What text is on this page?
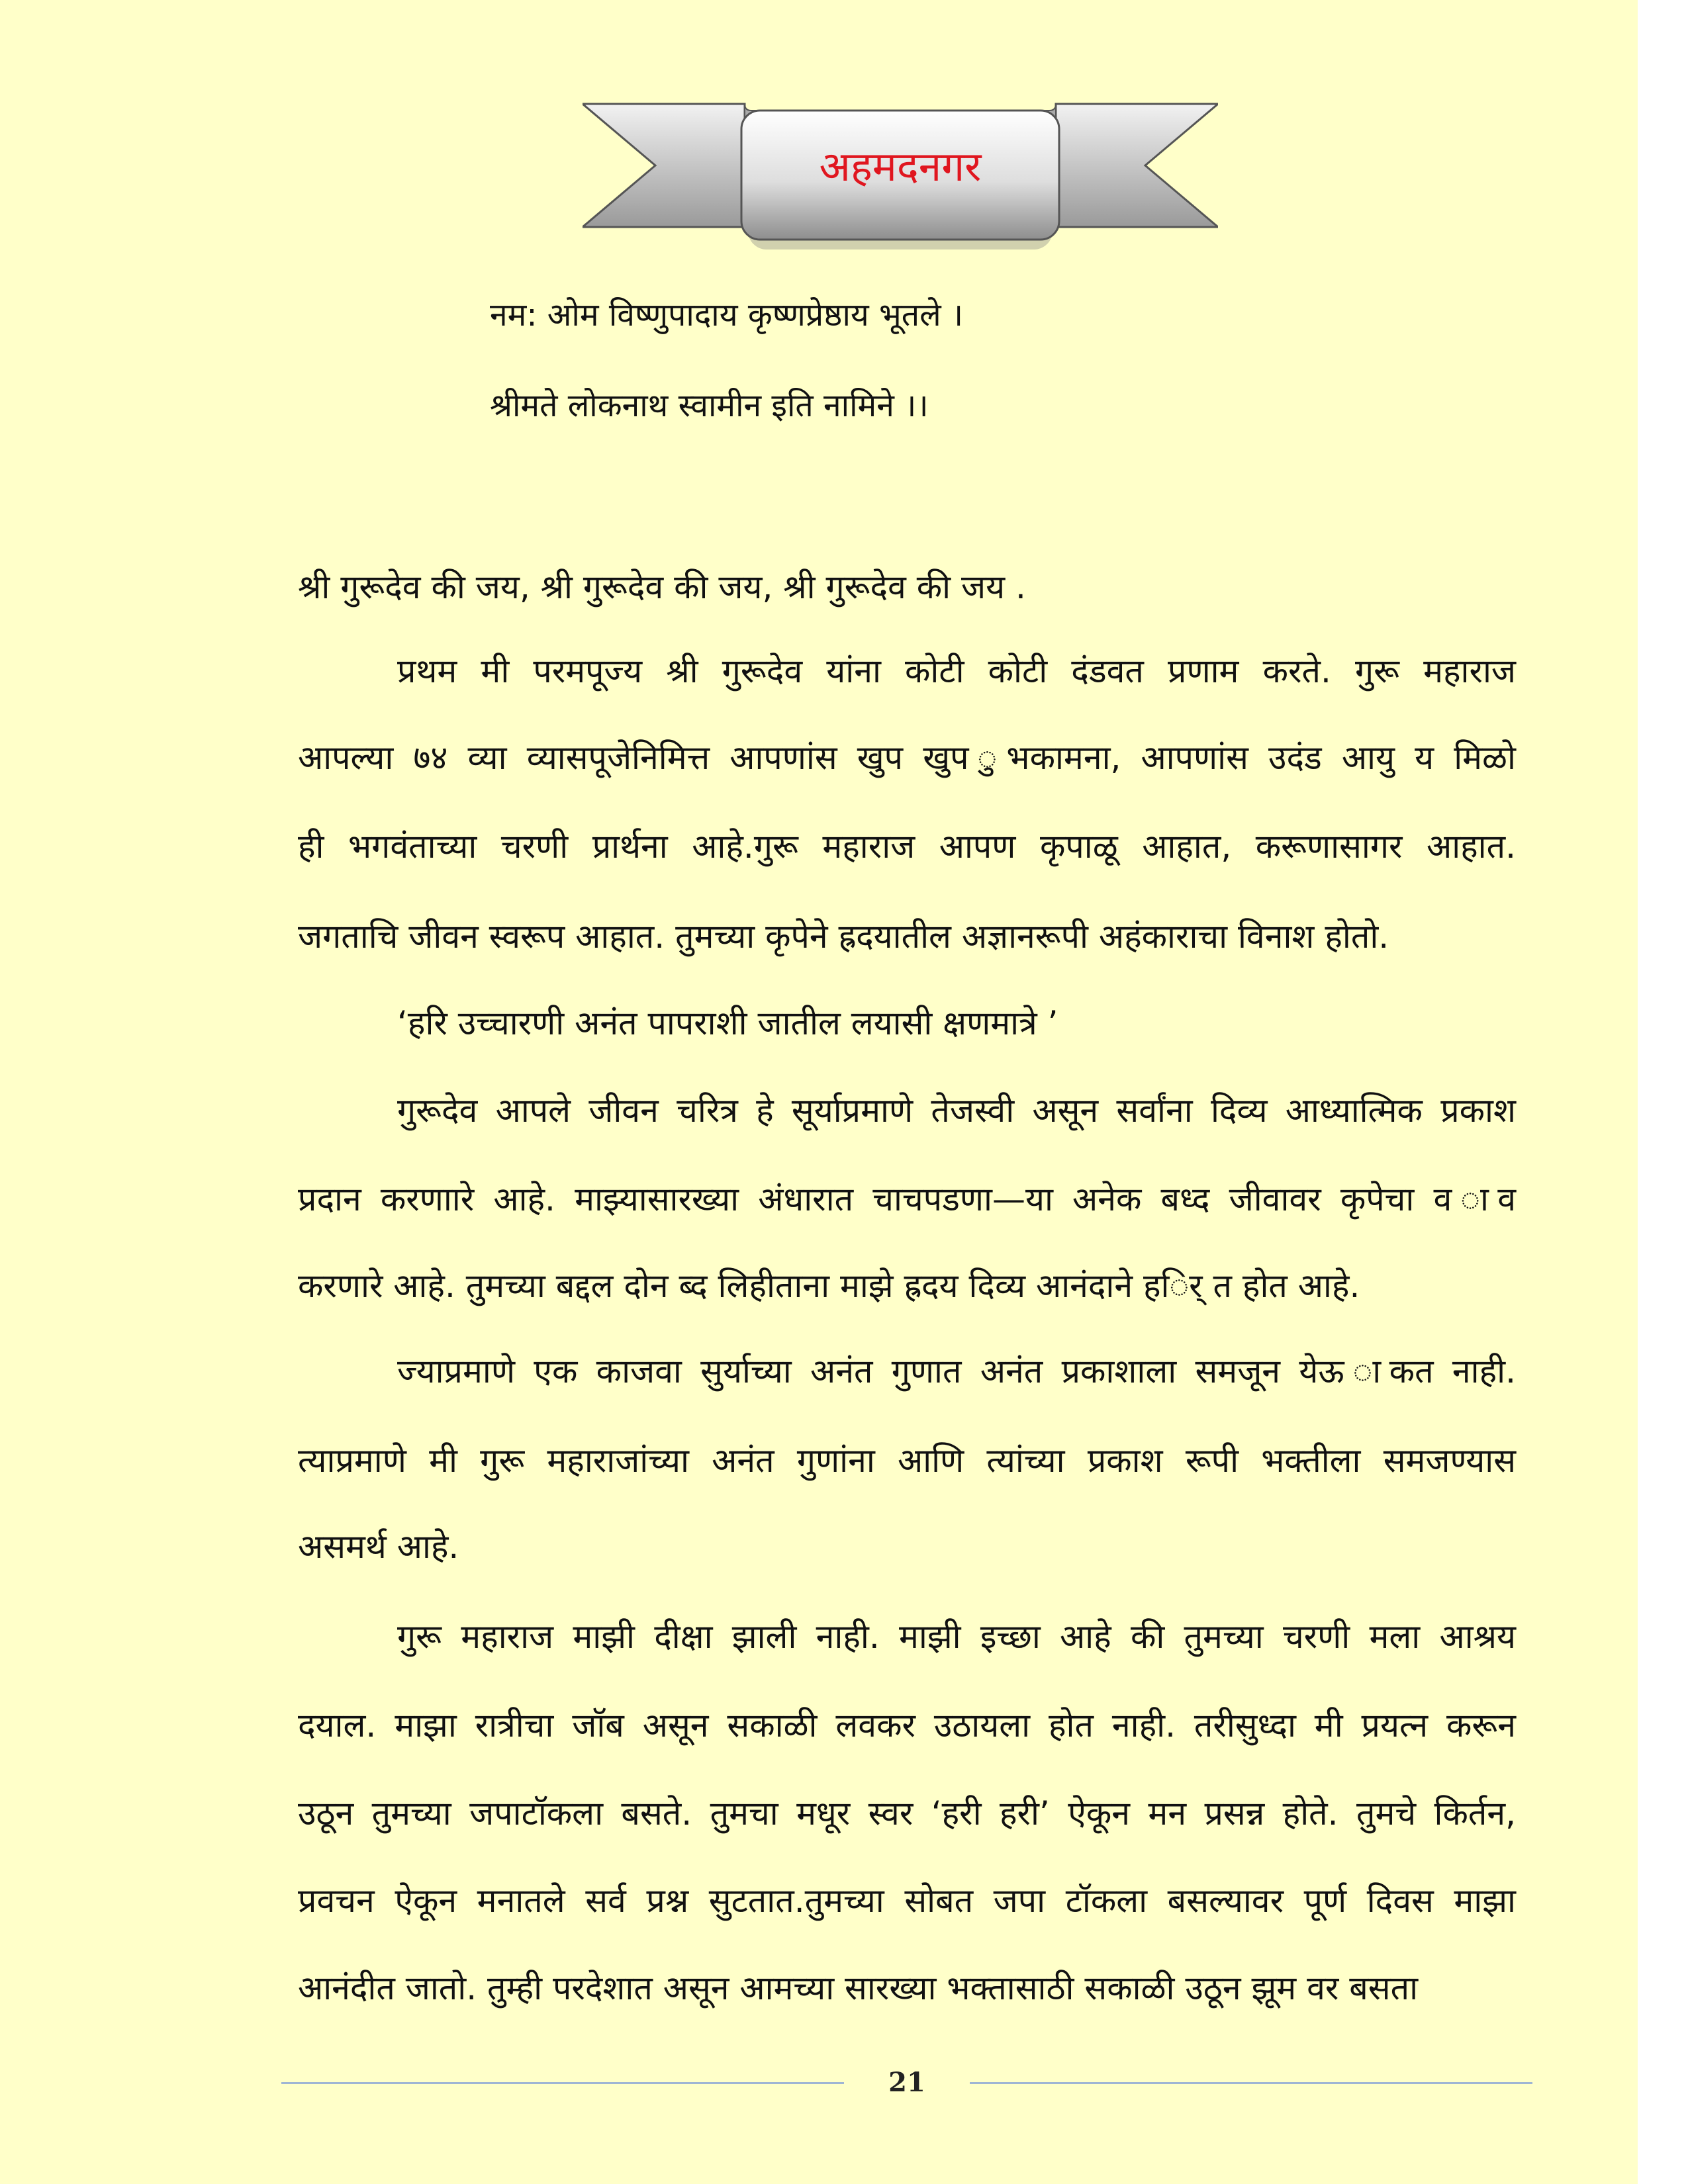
अहमदनगर
नम: ओम विष्णुपादाय कृष्णप्रेष्ठाय भूतले ।
श्रीमते लोकनाथ स्वामीन इति नामिने ।।
श्री गुरूदेव की जय, श्री गुरूदेव की जय, श्री गुरूदेव की जय .
प्रथम मी परमपूज्य श्री गुरूदेव यांना कोटी कोटी दंडवत प्रणाम करते. गुरू महाराज
आपल्या ७४ व्या व्यासपूजेनिमित्त आपणांस खुप खुप ुभकामना, आपणांस उदंड आयु य मिळो
ही भगवंताच्या चरणी प्रार्थना आहे.गुरू महाराज आपण कृपाळू आहात, करूणासागर आहात.
जगताचि जीवन स्वरूप आहात. तुमच्या कृपेने ह्रदयातील अज्ञानरूपी अहंकाराचा विनाश होतो.
‘हरि उच्चारणी अनंत पापराशी जातील लयासी क्षणमात्रे ’
गुरूदेव आपले जीवन चरित्र हे सूर्याप्रमाणे तेजस्वी असून सर्वांना दिव्य आध्यात्मिक प्रकाश
प्रदान करणाारे आहे. माझ्यासारख्या अंधारात चाचपडणा—या अनेक बध्द जीवावर कृपेचा व ाव
करणारे आहे. तुमच्या बद्दल दोन ब्द लिहीताना माझे ह्रदय दिव्य आनंदाने हर्ि त होत आहे.
ज्याप्रमाणे एक काजवा सुर्याच्या अनंत गुणात अनंत प्रकाशाला समजून येऊ ाकत नाही.
त्याप्रमाणे मी गुरू महाराजांच्या अनंत गुणांना आणि त्यांच्या प्रकाश रूपी भक्तीला समजण्यास
असमर्थ आहे.
गुरू महाराज माझी दीक्षा झाली नाही. माझी इच्छा आहे की तुमच्या चरणी मला आश्रय
दयाल. माझा रात्रीचा जॉब असून सकाळी लवकर उठायला होत नाही. तरीसुध्दा मी प्रयत्न करून
उठून तुमच्या जपाटॉकला बसते. तुमचा मधूर स्वर ‘हरी हरी’ ऐकून मन प्रसन्न होते. तुमचे किर्तन,
प्रवचन ऐकून मनातले सर्व प्रश्न सुटतात.तुमच्या सोबत जपा टॉकला बसल्यावर पूर्ण दिवस माझा
आनंदीत जातो. तुम्ही परदेशात असून आमच्या सारख्या भक्तासाठी सकाळी उठून झूम वर बसता
21
